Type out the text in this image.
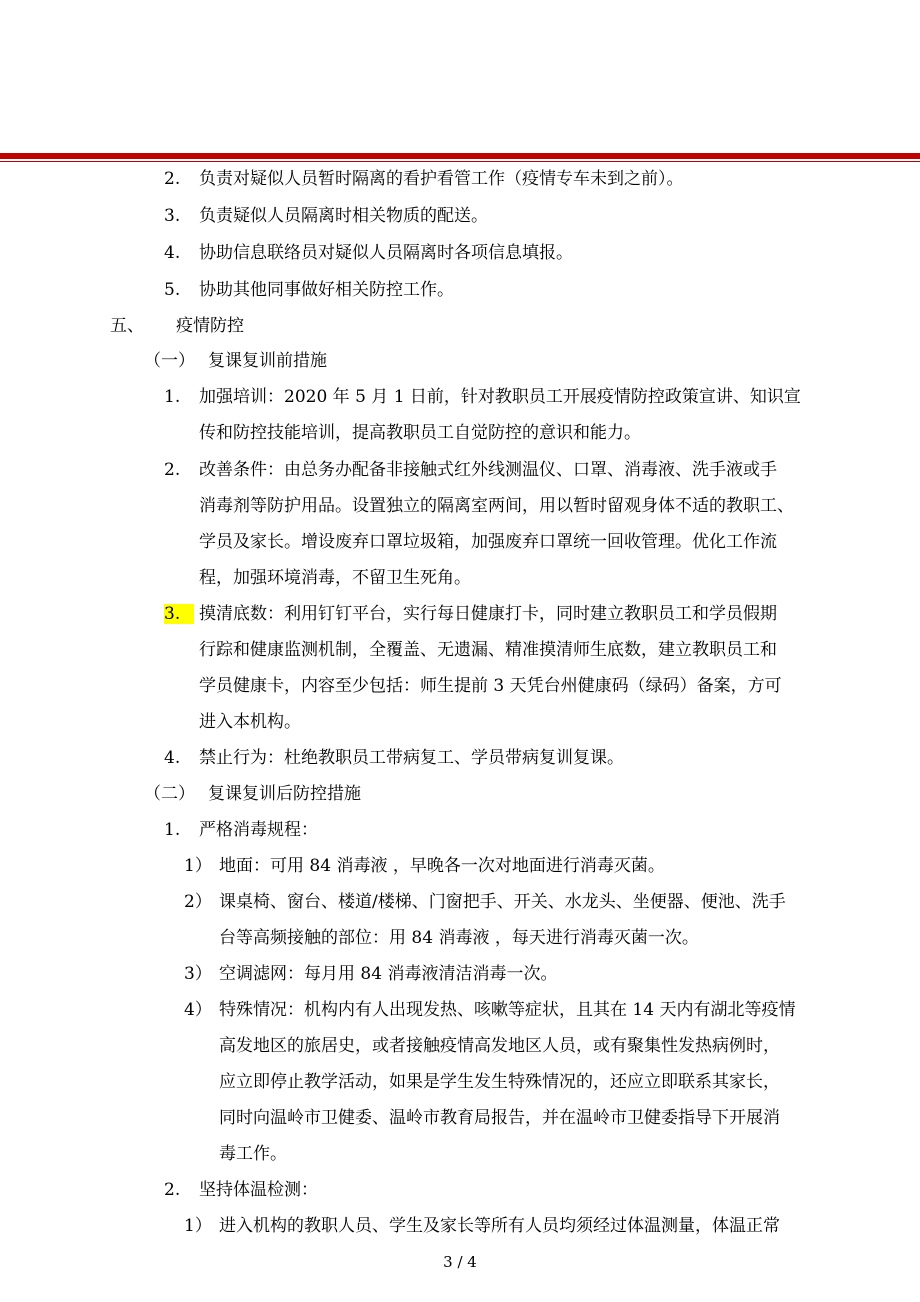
2. 负责对疑似人员暂时隔离的看护看管工作（疫情专车未到之前）。
3. 负责疑似人员隔离时相关物质的配送。
4. 协助信息联络员对疑似人员隔离时各项信息填报。
5. 协助其他同事做好相关防控工作。
五、 疫情防控
（一） 复课复训前措施
1. 加强培训：2020 年 5 月 1 日前，针对教职员工开展疫情防控政策宣讲、知识宣
传和防控技能培训，提高教职员工自觉防控的意识和能力。
2. 改善条件：由总务办配备非接触式红外线测温仪、口罩、消毒液、洗手液或手
消毒剂等防护用品。设置独立的隔离室两间，用以暂时留观身体不适的教职工、
学员及家长。增设废弃口罩垃圾箱，加强废弃口罩统一回收管理。优化工作流
程，加强环境消毒，不留卫生死角。
3.	摸清底数：利用钉钉平台，实行每日健康打卡，同时建立教职员工和学员假期
行踪和健康监测机制，全覆盖、无遗漏、精准摸清师生底数，建立教职员工和
学员健康卡，内容至少包括：师生提前 3 天凭台州健康码（绿码）备案，方可
进入本机构。
4. 禁止行为：杜绝教职员工带病复工、学员带病复训复课。
（二） 复课复训后防控措施
1. 严格消毒规程：
1） 地面：可用 84 消毒液 ，早晚各一次对地面进行消毒灭菌。
2） 课桌椅、窗台、楼道/楼梯、门窗把手、开关、水龙头、坐便器、便池、洗手
台等高频接触的部位：用 84 消毒液 ，每天进行消毒灭菌一次。
3） 空调滤网：每月用 84 消毒液清洁消毒一次。
4） 特殊情况：机构内有人出现发热、咳嗽等症状，且其在 14 天内有湖北等疫情
高发地区的旅居史，或者接触疫情高发地区人员，或有聚集性发热病例时，
应立即停止教学活动，如果是学生发生特殊情况的，还应立即联系其家长，
同时向温岭市卫健委、温岭市教育局报告，并在温岭市卫健委指导下开展消
毒工作。
2. 坚持体温检测：
1） 进入机构的教职人员、学生及家长等所有人员均须经过体温测量，体温正常
3 / 4
